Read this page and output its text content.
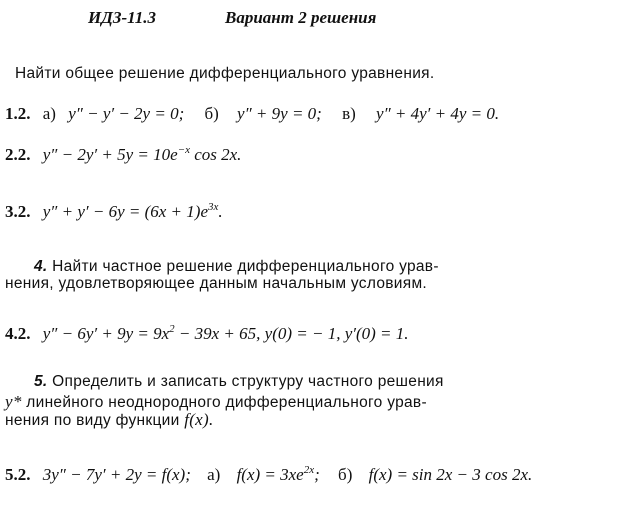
ИДЗ-11.3	Вариант 2 решения
Найти общее решение дифференциального уравнения.
1.2. а) y″ − y′ − 2y = 0; б) y″ + 9y = 0; в) y″ + 4y′ + 4y = 0.
2.2. $y'' - 2y' + 5y = 10e^{-x}$ cos 2x.
3.2. $y'' + y' - 6y = (6x + 1)e^{3x}$.
4. Найти частное решение дифференциального урав-
нения, удовлетворяющее данным начальным условиям.
4.2. $y'' - 6y' + 9y = 9x^2 - 39x + 65$, y(0) = − 1, y′(0) = 1.
5. Определить и записать структуру частного решения
y* линейного неоднородного дифференциального урав-
нения по виду функции f(x).
5.2. 3y″ − 7y′ + 2y = f(x); а) $f(x) = 3xe^{2x}$; б) f(x) = sin 2x − 3 cos 2x.
